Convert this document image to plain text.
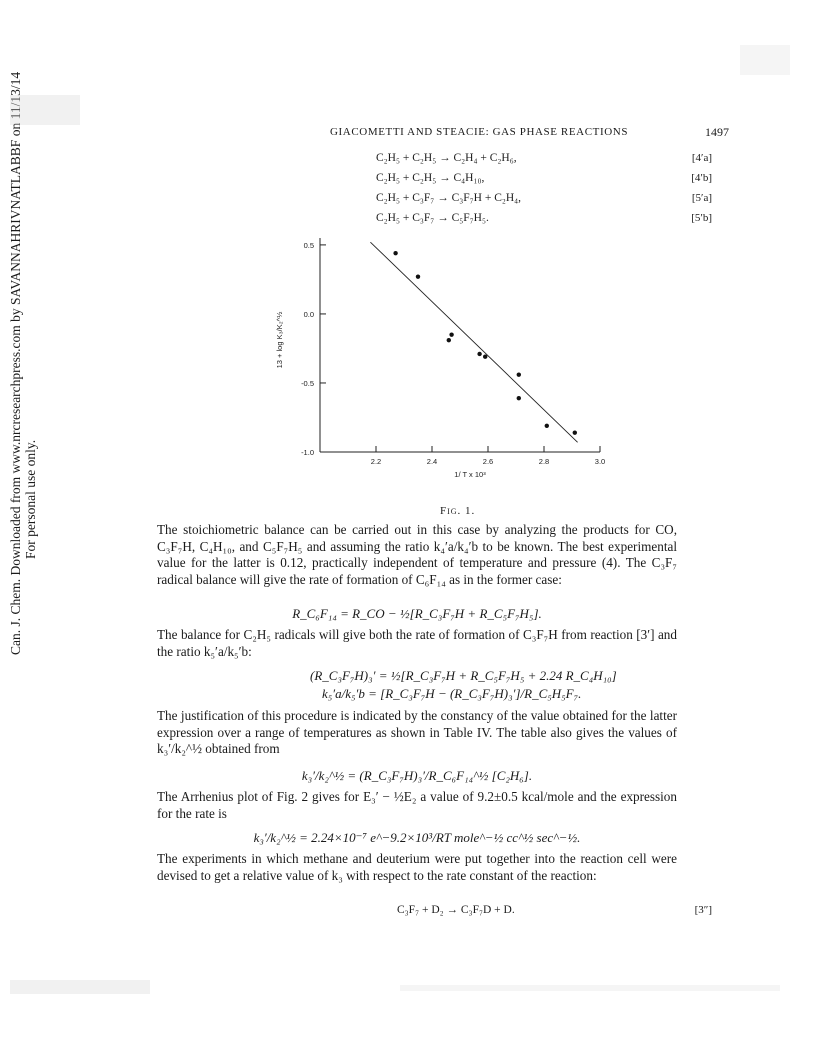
GIACOMETTI AND STEACIE: GAS PHASE REACTIONS	1497
Can. J. Chem. Downloaded from www.nrcresearchpress.com by SAVANNAHRIVNATLABBF on 11/13/14 For personal use only.
C₂H₅ + C₂H₅ → C₂H₄ + C₂H₆,	[4′a]
C₂H₅ + C₂H₅ → C₄H₁₀,	[4′b]
C₂H₅ + C₃F₇ → C₃F₇H + C₂H₄,	[5′a]
C₂H₅ + C₃F₇ → C₅F₇H₅.	[5′b]
2.2	2.4	2.6	2.8	3.0
0.5
0.0
-0.5
-1.0
1/ T x 10³
13 + log K₃/K₂^½
Fig. 1.
The stoichiometric balance can be carried out in this case by analyzing the products for CO, C₃F₇H, C₄H₁₀, and C₅F₇H₅ and assuming the ratio k₄′a/k₄′b to be known. The best experimental value for the latter is 0.12, practically independent of temperature and pressure (4). The C₃F₇ radical balance will give the rate of formation of C₆F₁₄ as in the former case:
R_C₆F₁₄ = R_CO − ½[R_C₃F₇H + R_C₅F₇H₅].
The balance for C₂H₅ radicals will give both the rate of formation of C₃F₇H from reaction [3′] and the ratio k₅′a/k₅′b:
(R_C₃F₇H)₃′ = ½[R_C₃F₇H + R_C₅F₇H₅ + 2.24 R_C₄H₁₀]
k₅′a/k₅′b = [R_C₃F₇H − (R_C₃F₇H)₃′]/R_C₅H₅F₇.
The justification of this procedure is indicated by the constancy of the value obtained for the latter expression over a range of temperatures as shown in Table IV. The table also gives the values of k₃′/k₂^½ obtained from
k₃′/k₂^½ = (R_C₃F₇H)₃′/R_C₆F₁₄^½ [C₂H₆].
The Arrhenius plot of Fig. 2 gives for E₃′ − ½E₂ a value of 9.2±0.5 kcal/mole and the expression for the rate is
k₃′/k₂^½ = 2.24×10⁻⁷ e^−9.2×10³/RT mole^−½ cc^½ sec^−½.
The experiments in which methane and deuterium were put together into the reaction cell were devised to get a relative value of k₃ with respect to the rate constant of the reaction:
C₃F₇ + D₂ → C₃F₇D + D.	[3″]
